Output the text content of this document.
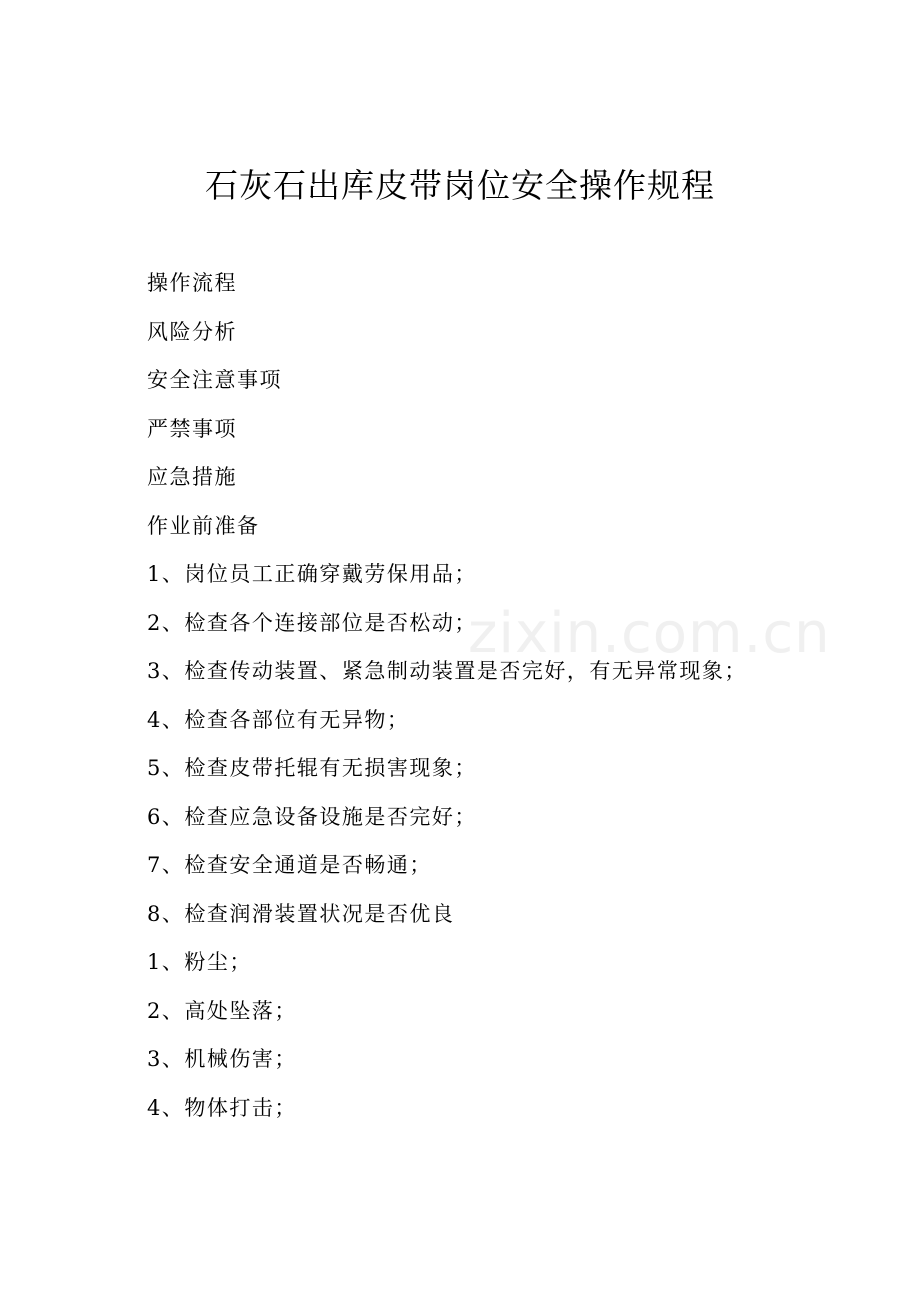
石灰石出库皮带岗位安全操作规程
操作流程
风险分析
安全注意事项
严禁事项
应急措施
作业前准备
1、岗位员工正确穿戴劳保用品；
2、检查各个连接部位是否松动；
3、检查传动装置、紧急制动装置是否完好，有无异常现象；
4、检查各部位有无异物；
5、检查皮带托辊有无损害现象；
6、检查应急设备设施是否完好；
7、检查安全通道是否畅通；
8、检查润滑装置状况是否优良
1、粉尘；
2、高处坠落；
3、机械伤害；
4、物体打击；
zixin.com.cn
